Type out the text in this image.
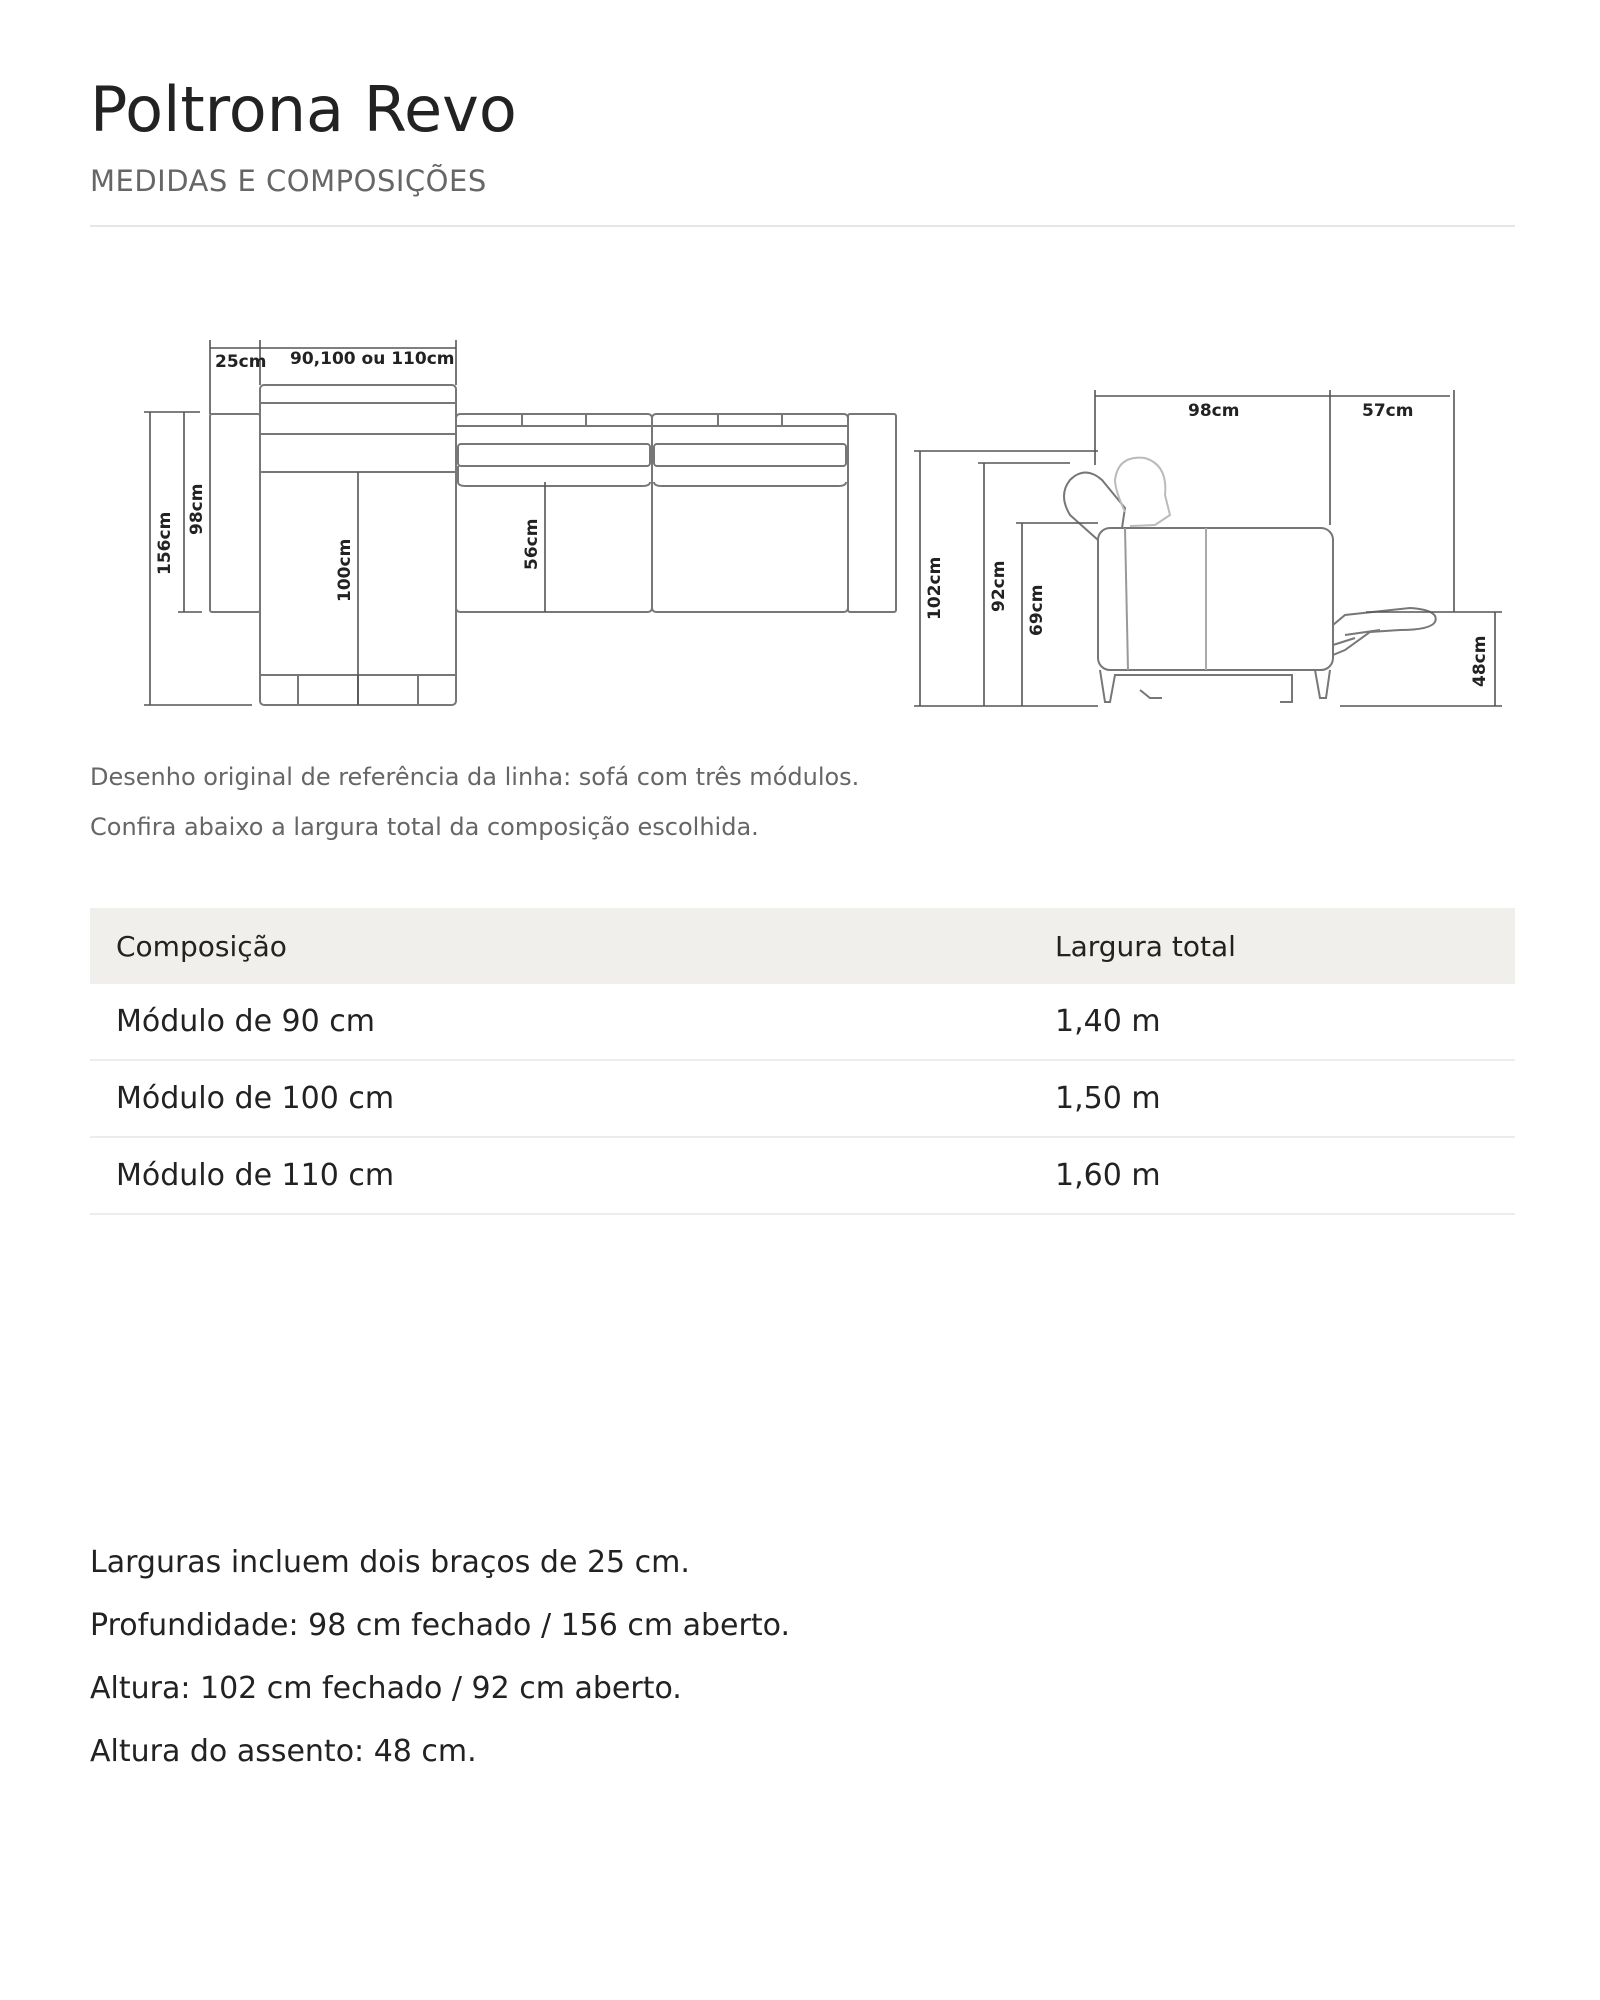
Poltrona Revo
MEDIDAS E COMPOSIÇÕES
25cm 90,100 ou 110cm
156cm
98cm
100cm	56cm
98cm	57cm
102cm	92cm 69cm
48cm

Desenho original de referência da linha: sofá com três módulos.

Confira abaixo a largura total da composição escolhida.

Composição	Largura total
Módulo de 90 cm	1,40 m
Módulo de 100 cm	1,50 m
Módulo de 110 cm	1,60 m

Larguras incluem dois braços de 25 cm.

Profundidade: 98 cm fechado / 156 cm aberto.

Altura: 102 cm fechado / 92 cm aberto.

Altura do assento: 48 cm.
